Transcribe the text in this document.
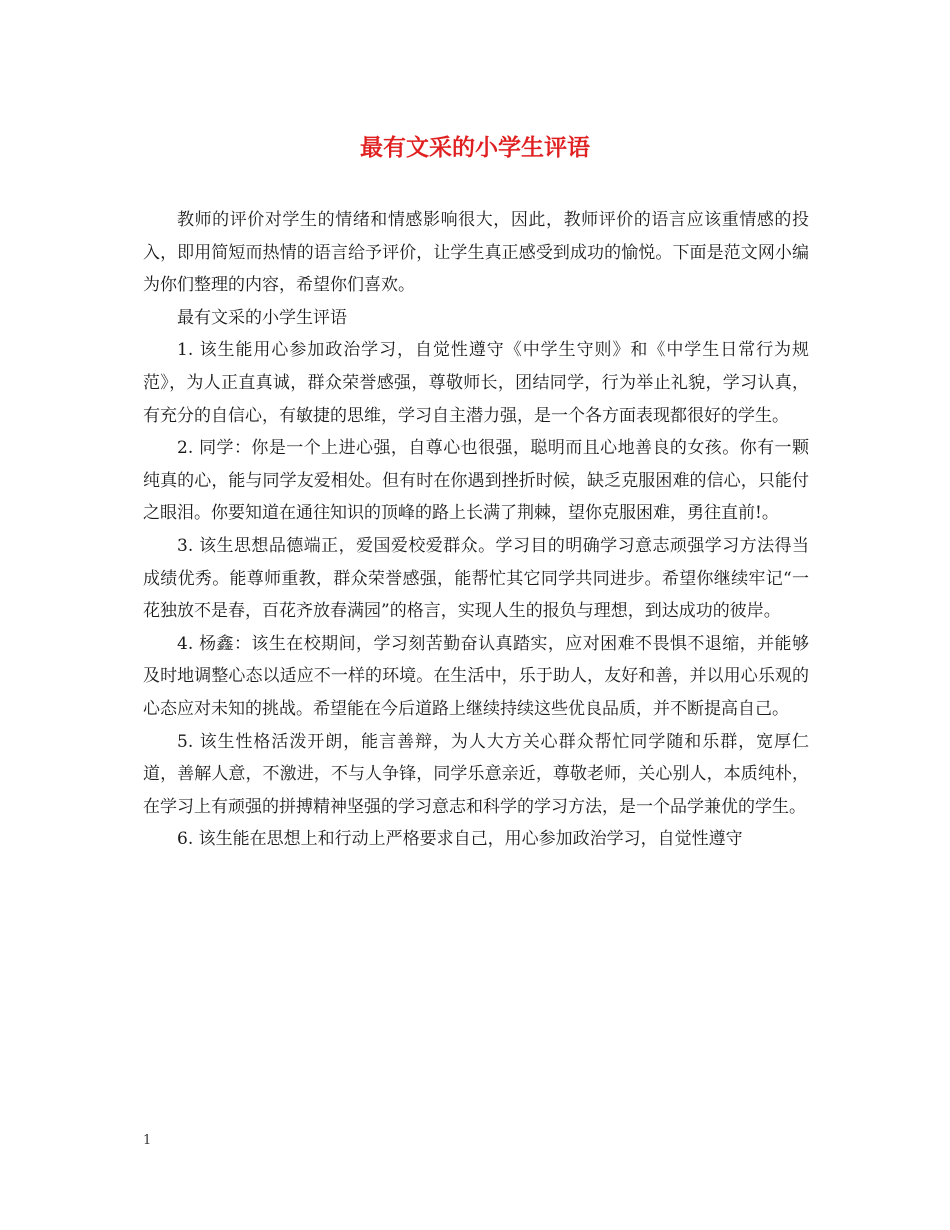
最有文采的小学生评语

教师的评价对学生的情绪和情感影响很大，因此，教师评价的语言应该重情感的投入，即用简短而热情的语言给予评价，让学生真正感受到成功的愉悦。下面是范文网小编为你们整理的内容，希望你们喜欢。

最有文采的小学生评语

1. 该生能用心参加政治学习，自觉性遵守《中学生守则》和《中学生日常行为规范》，为人正直真诚，群众荣誉感强，尊敬师长，团结同学，行为举止礼貌，学习认真，有充分的自信心，有敏捷的思维，学习自主潜力强，是一个各方面表现都很好的学生。

2. 同学：你是一个上进心强，自尊心也很强，聪明而且心地善良的女孩。你有一颗纯真的心，能与同学友爱相处。但有时在你遇到挫折时候，缺乏克服困难的信心，只能付之眼泪。你要知道在通往知识的顶峰的路上长满了荆棘，望你克服困难，勇往直前!。

3. 该生思想品德端正，爱国爱校爱群众。学习目的明确学习意志顽强学习方法得当成绩优秀。能尊师重教，群众荣誉感强，能帮忙其它同学共同进步。希望你继续牢记“一花独放不是春，百花齐放春满园”的格言，实现人生的报负与理想，到达成功的彼岸。

4. 杨鑫：该生在校期间，学习刻苦勤奋认真踏实，应对困难不畏惧不退缩，并能够及时地调整心态以适应不一样的环境。在生活中，乐于助人，友好和善，并以用心乐观的心态应对未知的挑战。希望能在今后道路上继续持续这些优良品质，并不断提高自己。

5. 该生性格活泼开朗，能言善辩，为人大方关心群众帮忙同学随和乐群，宽厚仁道，善解人意，不激进，不与人争锋，同学乐意亲近，尊敬老师，关心别人，本质纯朴，在学习上有顽强的拼搏精神坚强的学习意志和科学的学习方法，是一个品学兼优的学生。

6. 该生能在思想上和行动上严格要求自己，用心参加政治学习，自觉性遵守

1
